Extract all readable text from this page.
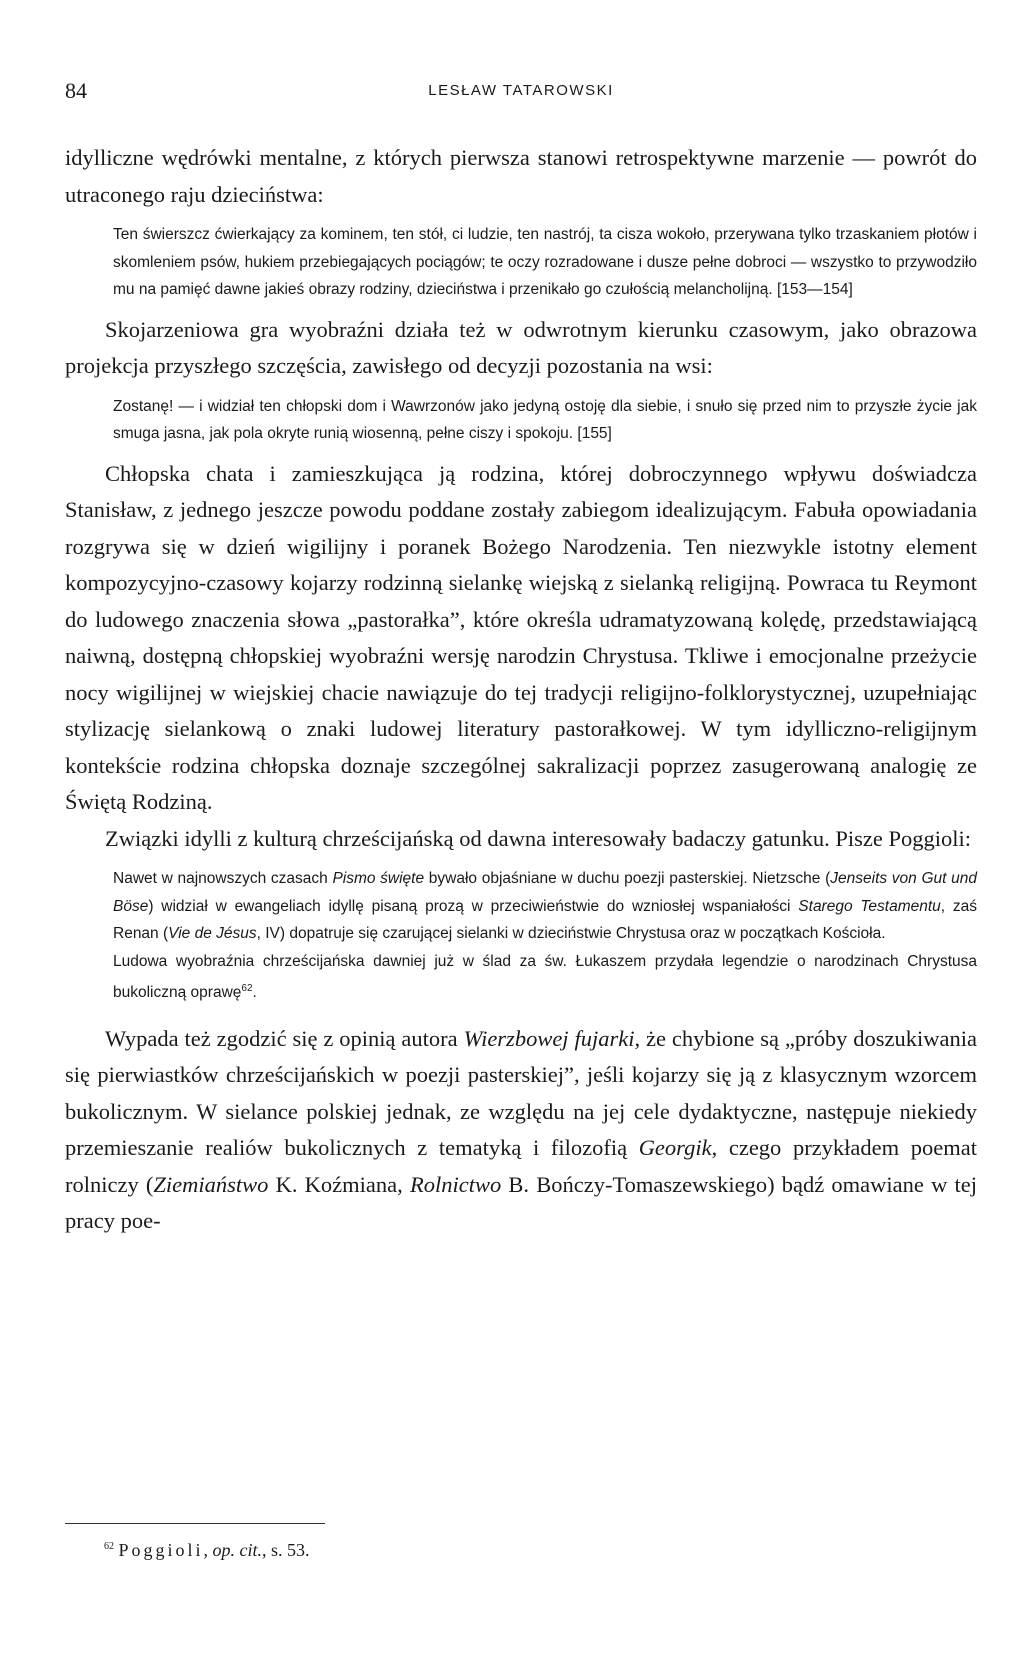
84	LESŁAW TATAROWSKI

idylliczne wędrówki mentalne, z których pierwsza stanowi retrospektywne marzenie — powrót do utraconego raju dzieciństwa:

Ten świerszcz ćwierkający za kominem, ten stół, ci ludzie, ten nastrój, ta cisza wokoło, przerywana tylko trzaskaniem płotów i skomleniem psów, hukiem przebiegających pociągów; te oczy rozradowane i dusze pełne dobroci — wszystko to przywodziło mu na pamięć dawne jakieś obrazy rodziny, dzieciństwa i przenikało go czułością melancholijną. [153—154]

Skojarzeniowa gra wyobraźni działa też w odwrotnym kierunku czasowym, jako obrazowa projekcja przyszłego szczęścia, zawisłego od decyzji pozostania na wsi:

Zostanę! — i widział ten chłopski dom i Wawrzonów jako jedyną ostoję dla siebie, i snuło się przed nim to przyszłe życie jak smuga jasna, jak pola okryte runią wiosenną, pełne ciszy i spokoju. [155]

Chłopska chata i zamieszkująca ją rodzina, której dobroczynnego wpływu doświadcza Stanisław, z jednego jeszcze powodu poddane zostały zabiegom idealizującym. Fabuła opowiadania rozgrywa się w dzień wigilijny i poranek Bożego Narodzenia. Ten niezwykle istotny element kompozycyjno-czasowy kojarzy rodzinną sielankę wiejską z sielanką religijną. Powraca tu Reymont do ludowego znaczenia słowa „pastorałka”, które określa udramatyzowaną kolędę, przedstawiającą naiwną, dostępną chłopskiej wyobraźni wersję narodzin Chrystusa. Tkliwe i emocjonalne przeżycie nocy wigilijnej w wiejskiej chacie nawiązuje do tej tradycji religijno-folklorystycznej, uzupełniając stylizację sielankową o znaki ludowej literatury pastorałkowej. W tym idylliczno-religijnym kontekście rodzina chłopska doznaje szczególnej sakralizacji poprzez zasugerowaną analogię ze Świętą Rodziną.

Związki idylli z kulturą chrześcijańską od dawna interesowały badaczy gatunku. Pisze Poggioli:

Nawet w najnowszych czasach Pismo święte bywało objaśniane w duchu poezji pasterskiej. Nietzsche (Jenseits von Gut und Böse) widział w ewangeliach idyllę pisaną prozą w przeciwieństwie do wzniosłej wspaniałości Starego Testamentu, zaś Renan (Vie de Jésus, IV) dopatruje się czarującej sielanki w dzieciństwie Chrystusa oraz w początkach Kościoła.

Ludowa wyobraźnia chrześcijańska dawniej już w ślad za św. Łukaszem przydała legendzie o narodzinach Chrystusa bukoliczną oprawę$^{62}$.

Wypada też zgodzić się z opinią autora Wierzbowej fujarki, że chybione są „próby doszukiwania się pierwiastków chrześcijańskich w poezji pasterskiej”, jeśli kojarzy się ją z klasycznym wzorcem bukolicznym. W sielance polskiej jednak, ze względu na jej cele dydaktyczne, następuje niekiedy przemieszanie realiów bukolicznych z tematyką i filozofią Georgik, czego przykładem poemat rolniczy (Ziemiaństwo K. Koźmiana, Rolnictwo B. Bończy-Tomaszewskiego) bądź omawiane w tej pracy poe-

$^{62}$ Poggioli, op. cit., s. 53.
